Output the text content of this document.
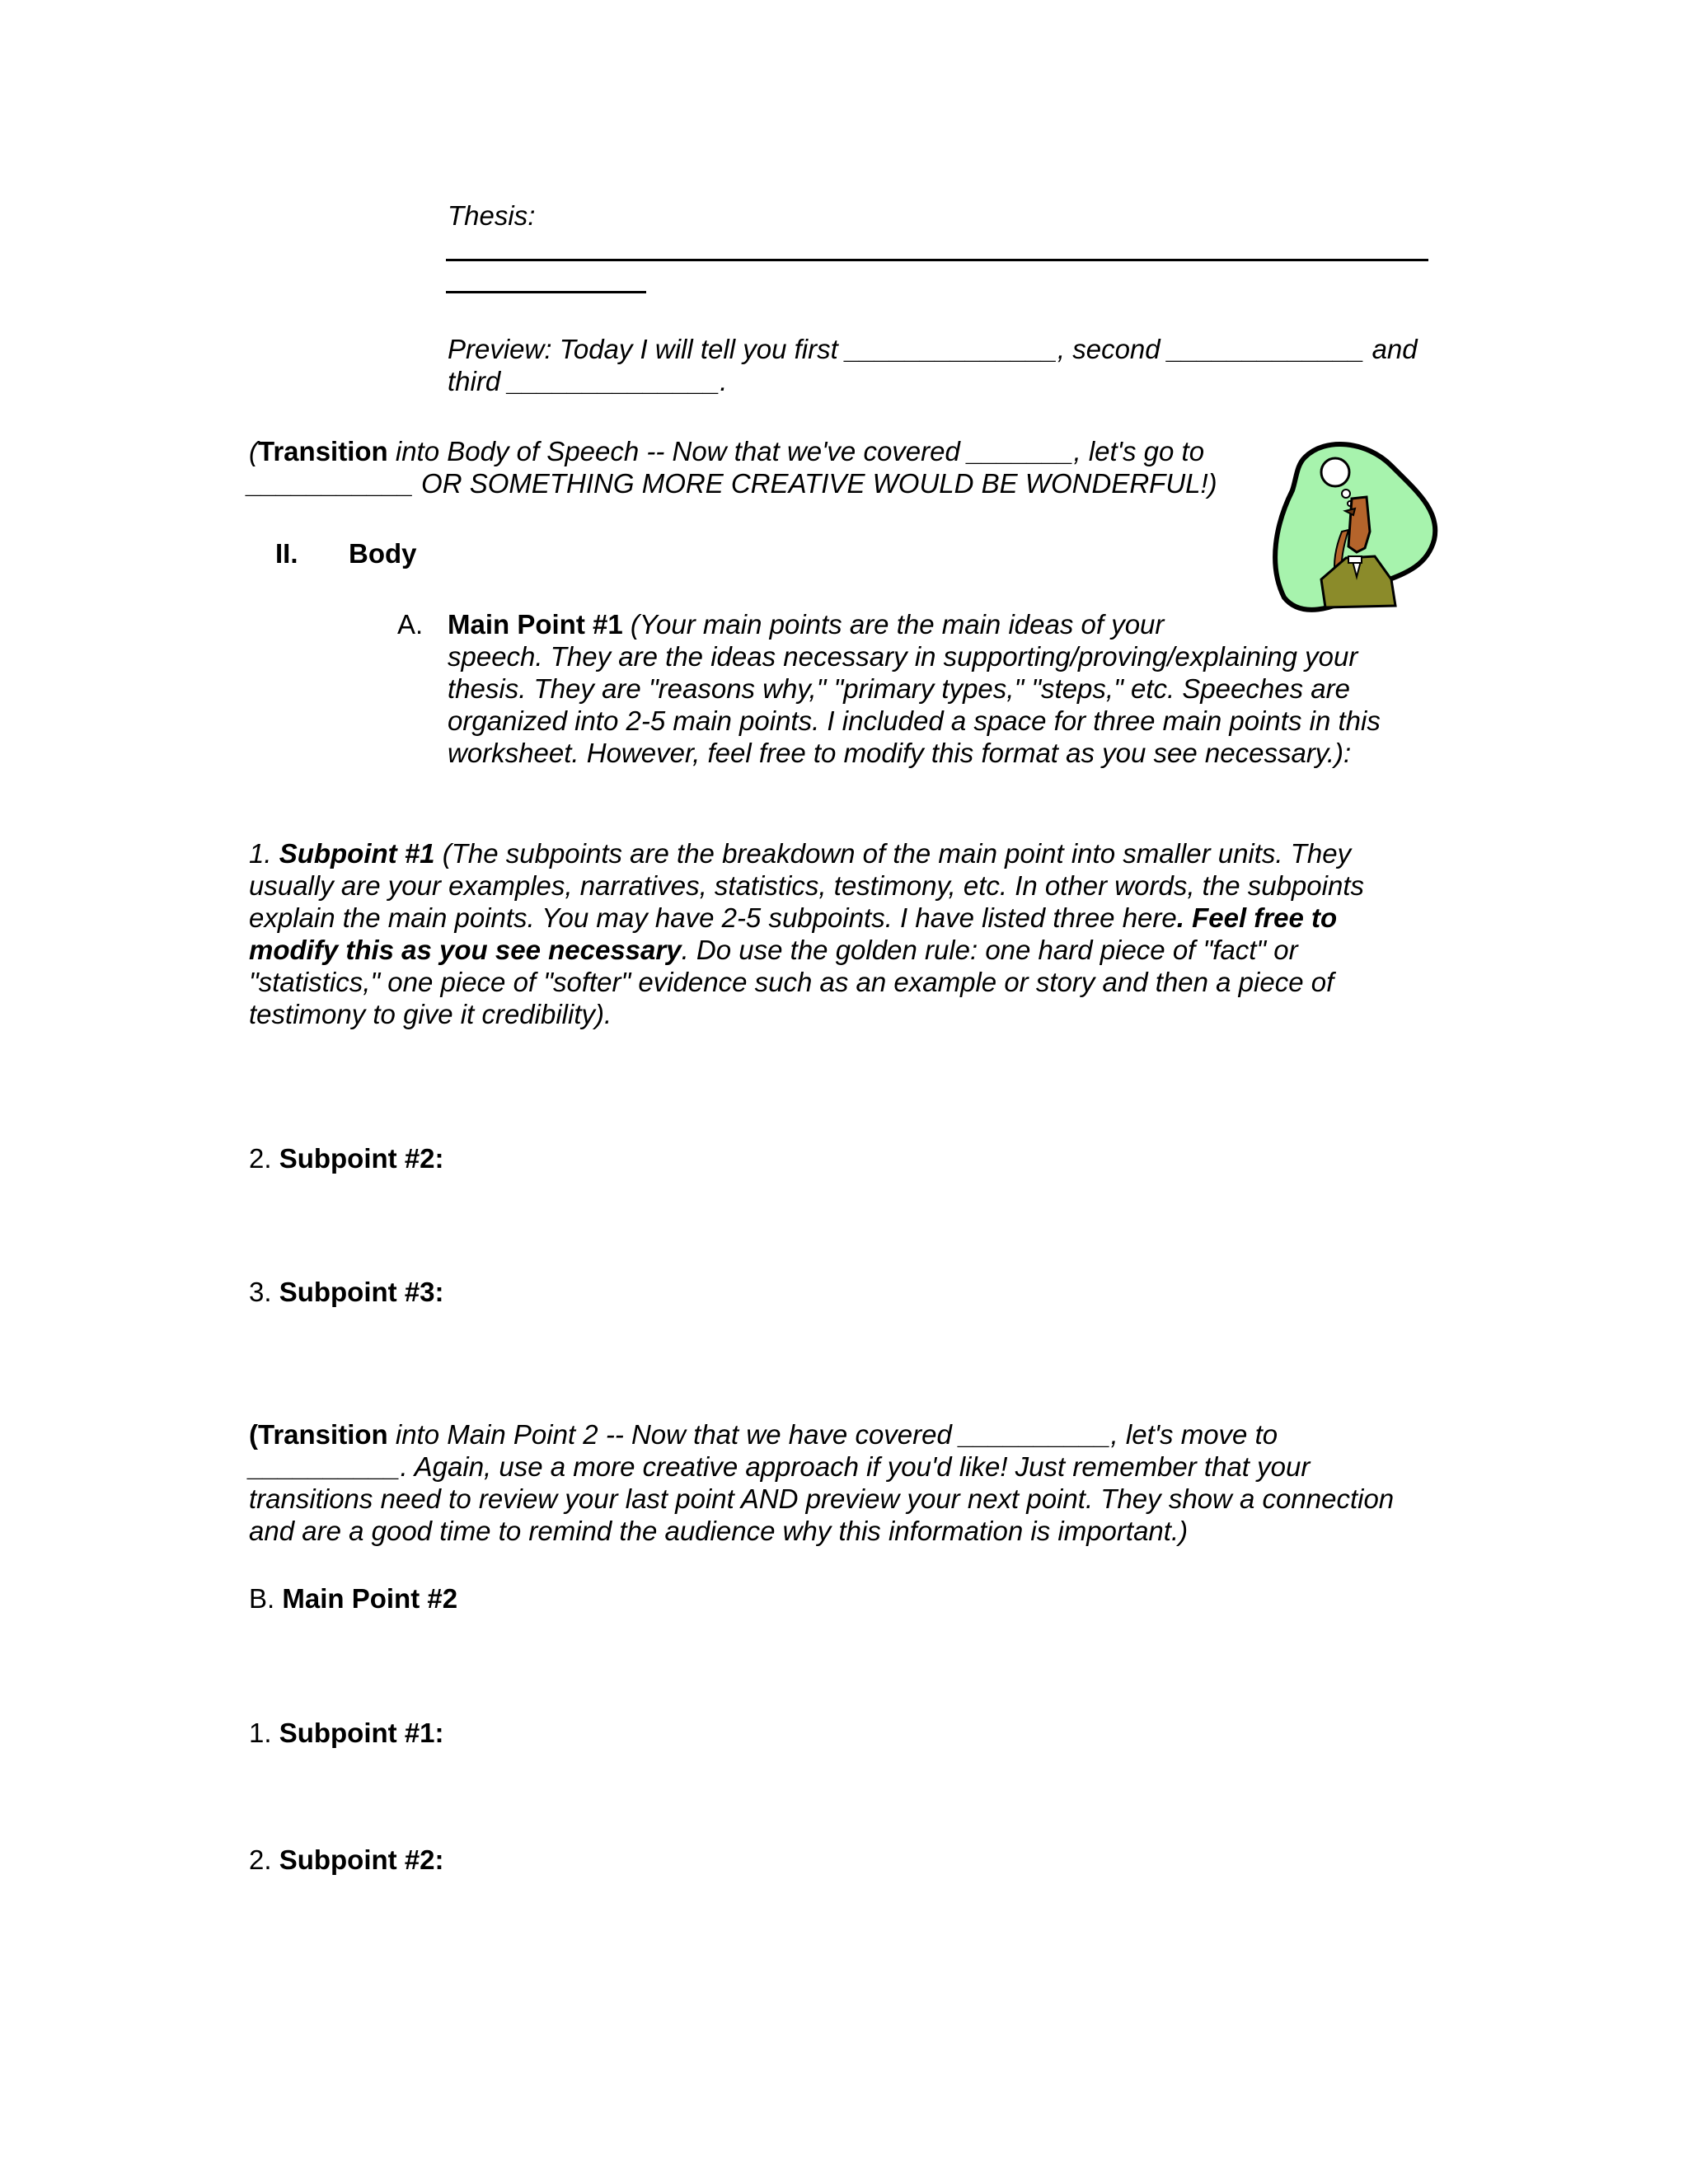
Thesis:
Preview: Today I will tell you first ______________, second _____________ and
third ______________.
(Transition into Body of Speech -- Now that we've covered _______, let's go to
___________ OR SOMETHING MORE CREATIVE WOULD BE WONDERFUL!)
II. Body
A. Main Point #1 (Your main points are the main ideas of your
speech. They are the ideas necessary in supporting/proving/explaining your
thesis. They are "reasons why," "primary types," "steps," etc. Speeches are
organized into 2-5 main points. I included a space for three main points in this
worksheet. However, feel free to modify this format as you see necessary.):
1. Subpoint #1 (The subpoints are the breakdown of the main point into smaller units. They
usually are your examples, narratives, statistics, testimony, etc. In other words, the subpoints
explain the main points. You may have 2-5 subpoints. I have listed three here. Feel free to
modify this as you see necessary. Do use the golden rule: one hard piece of "fact" or
"statistics," one piece of "softer" evidence such as an example or story and then a piece of
testimony to give it credibility).
2. Subpoint #2:
3. Subpoint #3:
(Transition into Main Point 2 -- Now that we have covered __________, let's move to
__________. Again, use a more creative approach if you'd like! Just remember that your
transitions need to review your last point AND preview your next point. They show a connection
and are a good time to remind the audience why this information is important.)
B. Main Point #2
1. Subpoint #1:
2. Subpoint #2:
